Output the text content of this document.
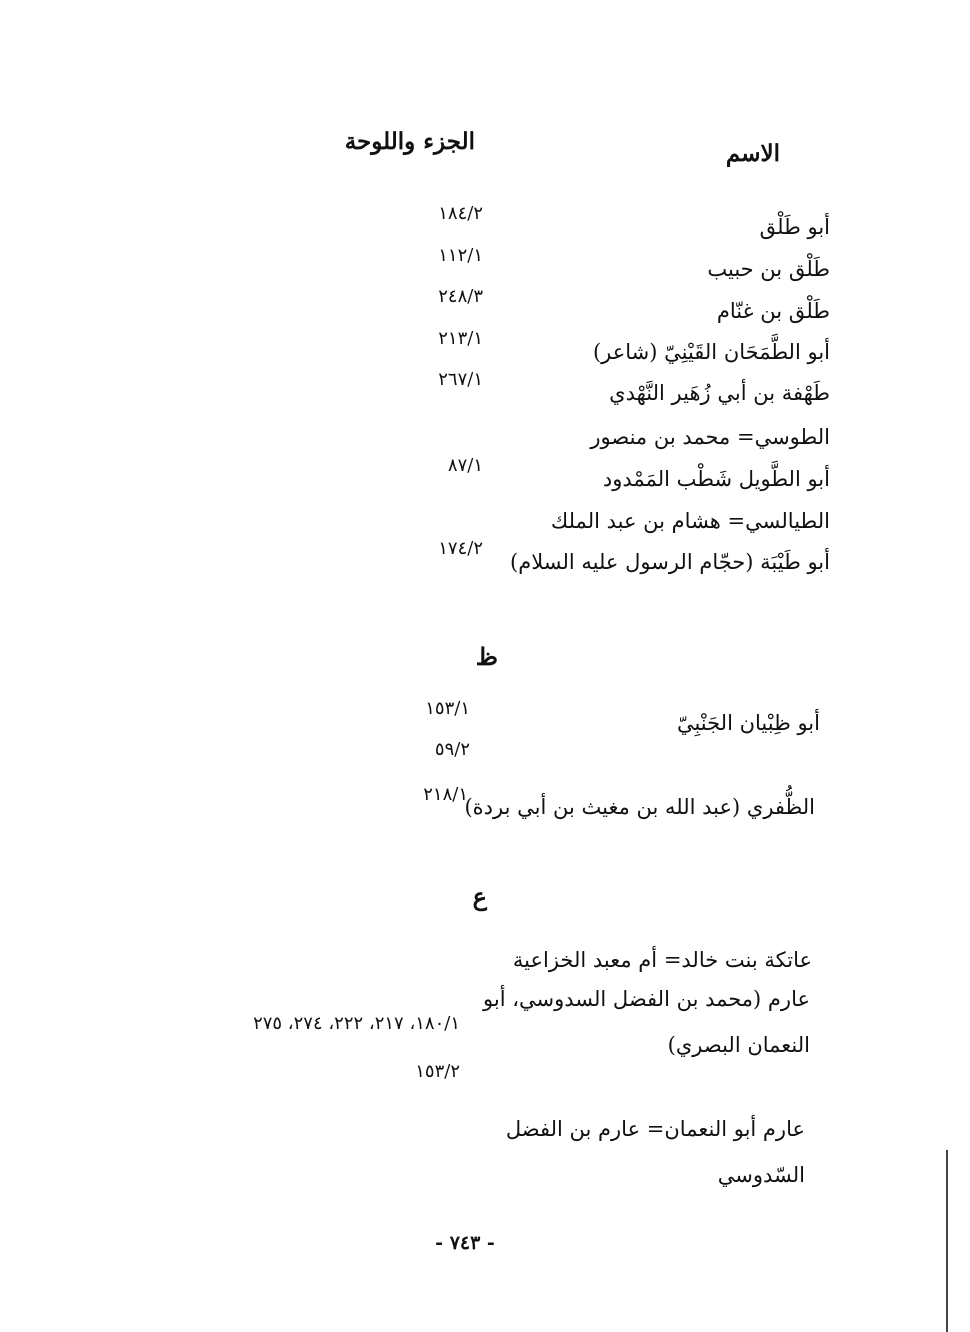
الاسم
الجزء واللوحة
أبو طَلْق
١٨٤/٢
طَلْق بن حبيب
١١٢/١
طَلْق بن غنّام
٢٤٨/٣
أبو الطَّمَحَان القَيْنِيّ (شاعر)
٢١٣/١
طَهْفة بن أبي زُهَير النَّهْدي
٢٦٧/١
الطوسي= محمد بن منصور
أبو الطَّويل شَطْب المَمْدود
٨٧/١
الطيالسي= هشام بن عبد الملك
أبو طَيْبَة (حجّام الرسول عليه السلام)
١٧٤/٢
ظ
أبو ظِبْيان الجَنْبِيّ
١٥٣/١
٥٩/٢
الظُّفري (عبد الله بن مغيث بن أبي بردة)
٢١٨/١
ع
عاتكة بنت خالد= أم معبد الخزاعية
عارم (محمد بن الفضل السدوسي، أبو النعمان البصري)
١٨٠/١، ٢١٧، ٢٢٢، ٢٧٤، ٢٧٥
١٥٣/٢
عارم أبو النعمان= عارم بن الفضل السّدوسي
- ٧٤٣ -
